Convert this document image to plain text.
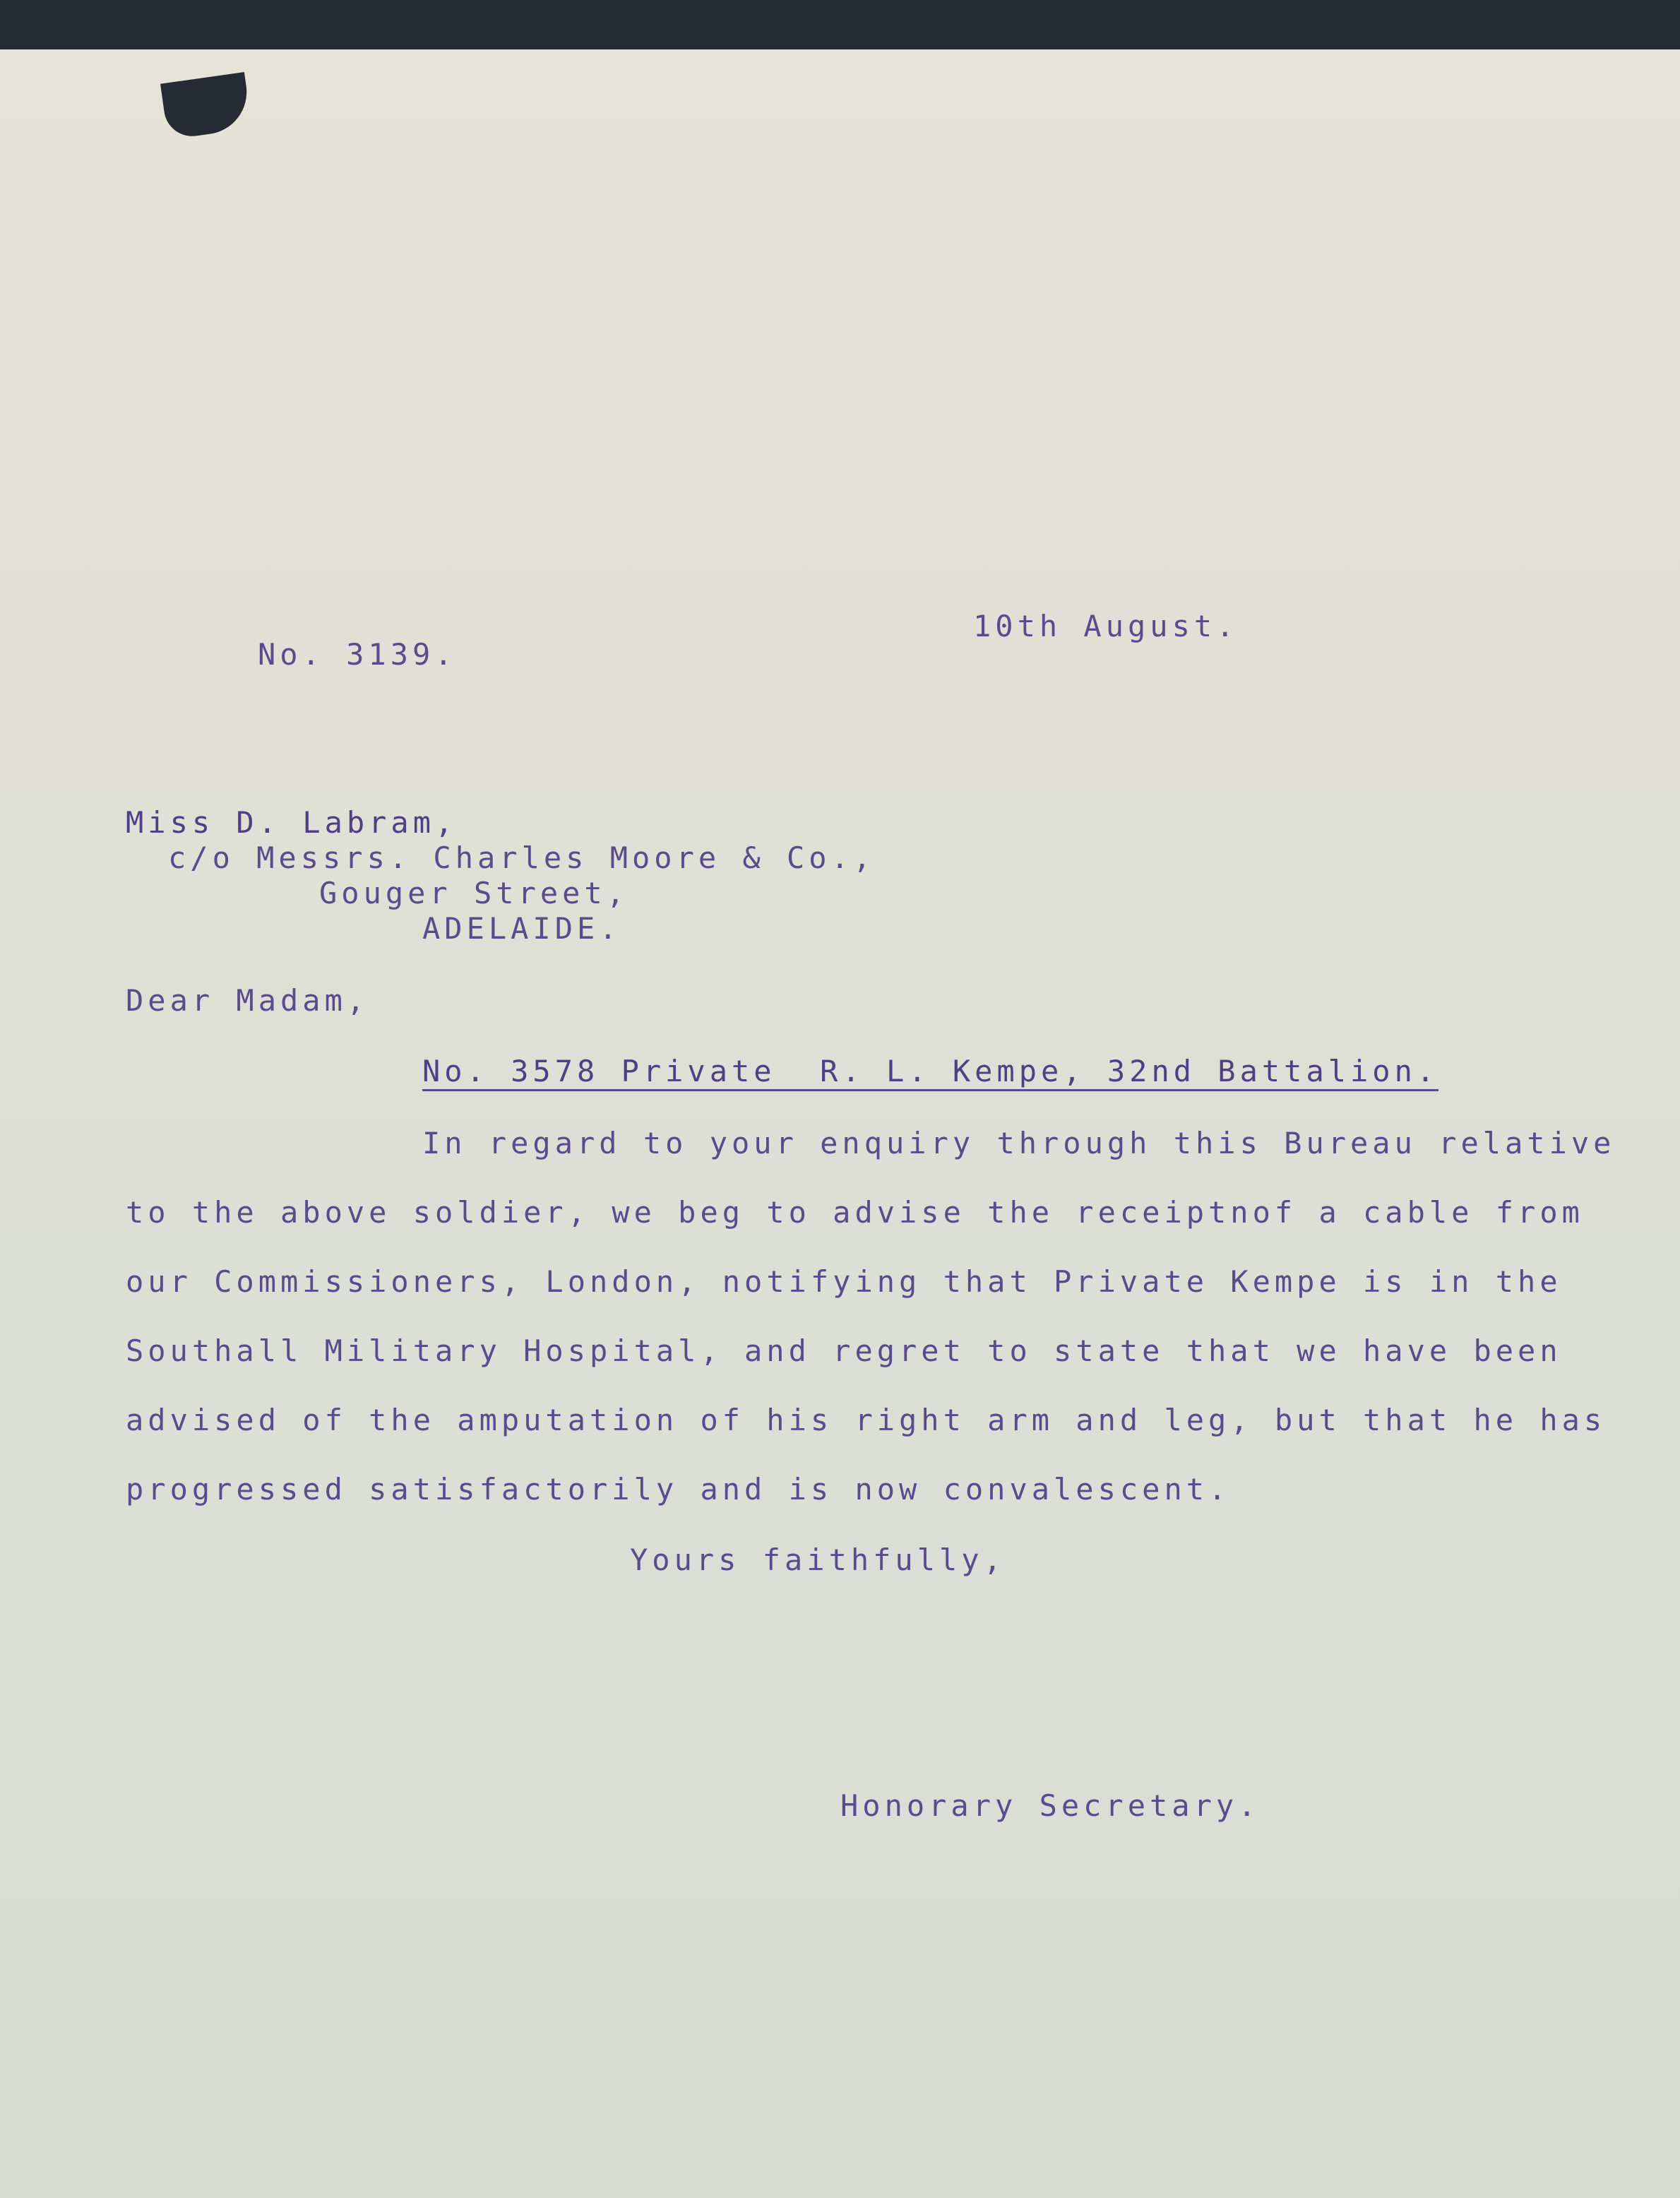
No. 3139.
10th August.
Miss D. Labram,
c/o Messrs. Charles Moore & Co.,
Gouger Street,
ADELAIDE.
Dear Madam,
No. 3578 Private  R. L. Kempe, 32nd Battalion.
In regard to your enquiry through this Bureau relative
to the above soldier, we beg to advise the receiptnof a cable from
our Commissioners, London, notifying that Private Kempe is in the
Southall Military Hospital, and regret to state that we have been
advised of the amputation of his right arm and leg, but that he has
progressed satisfactorily and is now convalescent.
Yours faithfully,
Honorary Secretary.
